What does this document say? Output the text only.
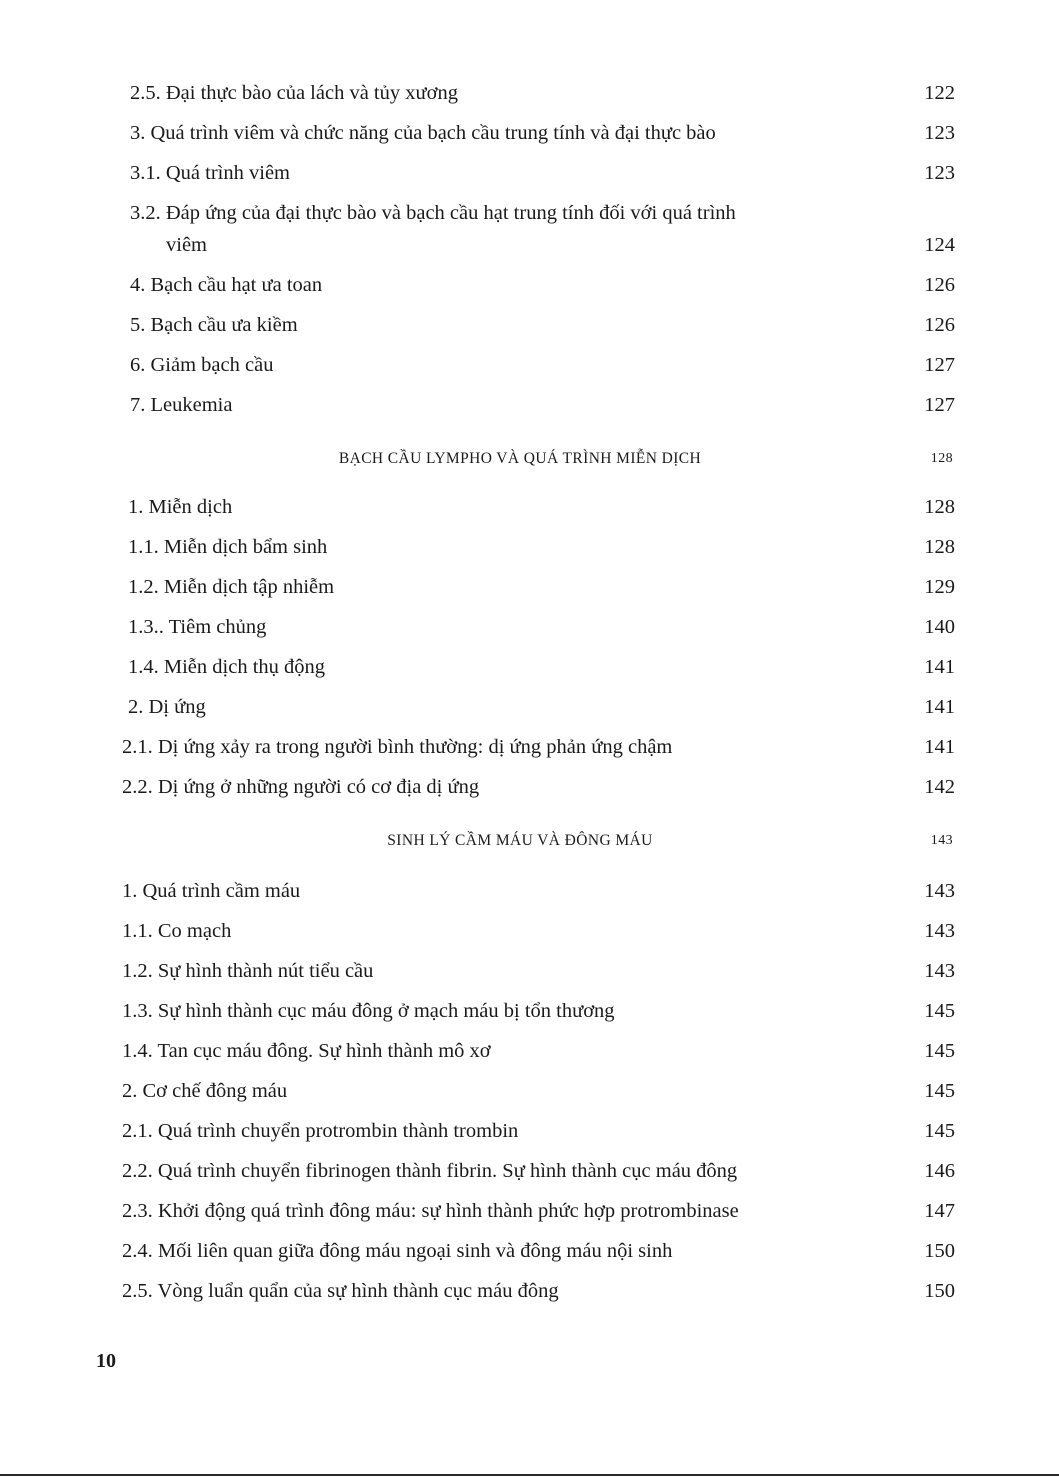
2.5. Đại thực bào của lách và tủy xương	122
3. Quá trình viêm và chức năng của bạch cầu trung tính và đại thực bào	123
3.1. Quá trình viêm	123
3.2. Đáp ứng của đại thực bào và bạch cầu hạt trung tính đối với quá trình
viêm	124
4. Bạch cầu hạt ưa toan	126
5. Bạch cầu ưa kiềm	126
6. Giảm bạch cầu	127
7. Leukemia	127
BẠCH CẦU LYMPHO VÀ QUÁ TRÌNH MIỄN DỊCH	128
1. Miễn dịch	128
1.1. Miễn dịch bẩm sinh	128
1.2. Miễn dịch tập nhiễm	129
1.3.. Tiêm chủng	140
1.4. Miễn dịch thụ động	141
2. Dị ứng	141
2.1. Dị ứng xảy ra trong người bình thường: dị ứng phản ứng chậm	141
2.2. Dị ứng ở những người có cơ địa dị ứng	142
SINH LÝ CẦM MÁU VÀ ĐÔNG MÁU	143
1. Quá trình cầm máu	143
1.1. Co mạch	143
1.2. Sự hình thành nút tiểu cầu	143
1.3. Sự hình thành cục máu đông ở mạch máu bị tổn thương	145
1.4. Tan cục máu đông. Sự hình thành mô xơ	145
2. Cơ chế đông máu	145
2.1. Quá trình chuyển protrombin thành trombin	145
2.2. Quá trình chuyển fibrinogen thành fibrin. Sự hình thành cục máu đông	146
2.3. Khởi động quá trình đông máu: sự hình thành phức hợp protrombinase	147
2.4. Mối liên quan giữa đông máu ngoại sinh và đông máu nội sinh	150
2.5. Vòng luẩn quẩn của sự hình thành cục máu đông	150
10
